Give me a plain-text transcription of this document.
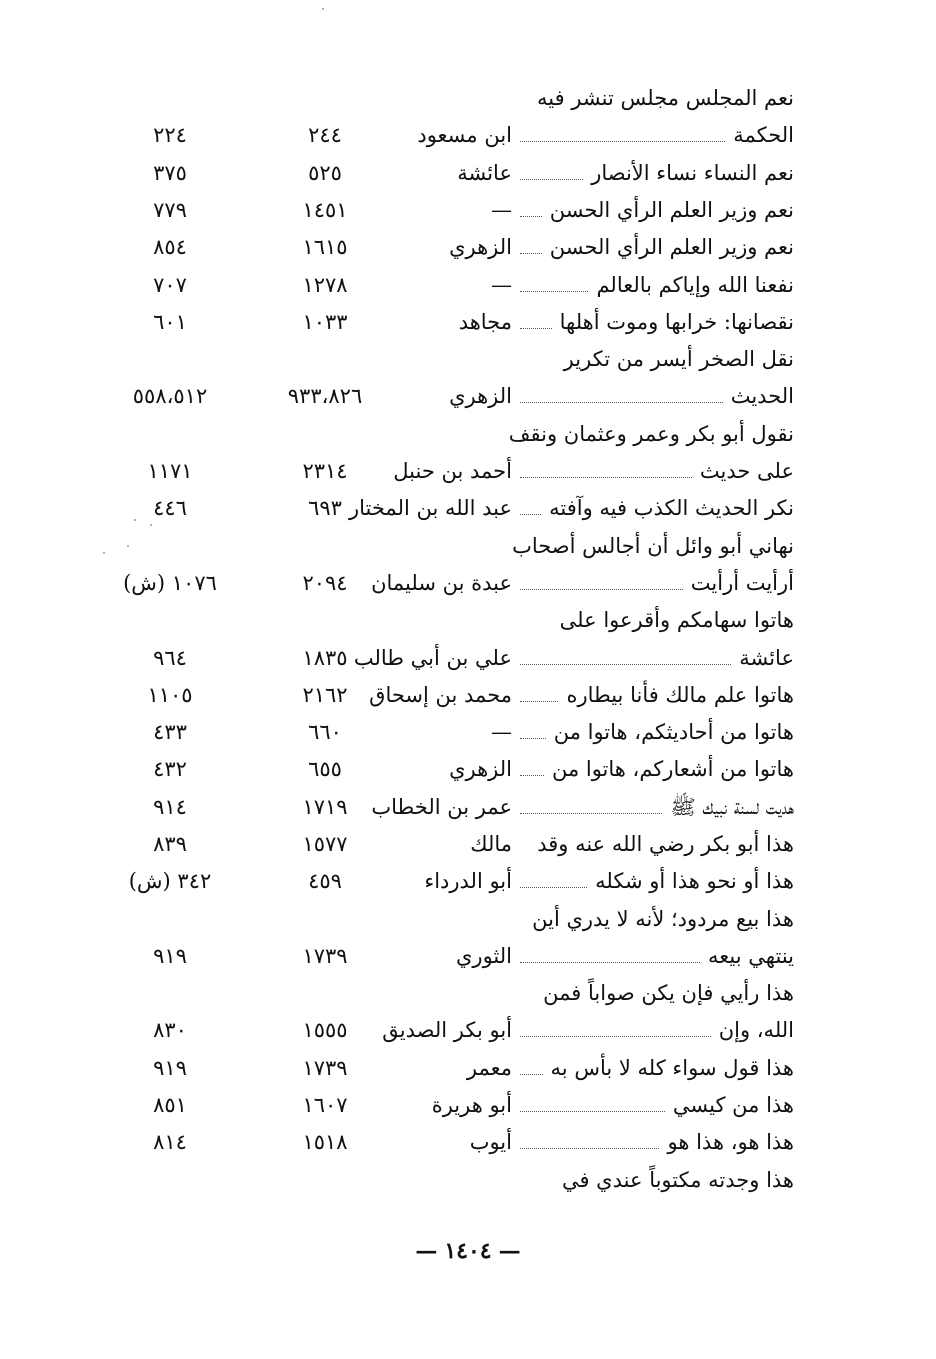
نعم المجلس مجلس تنشر فيه
الحكمة
ابن مسعود
٢٤٤
٢٢٤
نعم النساء نساء الأنصار
عائشة
٥٢٥
٣٧٥
نعم وزير العلم الرأي الحسن
—
١٤٥١
٧٧٩
نعم وزير العلم الرأي الحسن
الزهري
١٦١٥
٨٥٤
نفعنا الله وإياكم بالعالم
—
١٢٧٨
٧٠٧
نقصانها: خرابها وموت أهلها
مجاهد
١٠٣٣
٦٠١
نقل الصخر أيسر من تكرير
الحديث
الزهري
٩٣٣،٨٢٦
٥٥٨،٥١٢
نقول أبو بكر وعمر وعثمان ونقف
على حديث
أحمد بن حنبل
٢٣١٤
١١٧١
نكر الحديث الكذب فيه وآفته
عبد الله بن المختار
٦٩٣
٤٤٦
نهاني أبو وائل أن أجالس أصحاب
أرأيت أرأيت
عبدة بن سليمان
٢٠٩٤
١٠٧٦ (ش)
هاتوا سهامكم وأقرعوا على
عائشة
علي بن أبي طالب
١٨٣٥
٩٦٤
هاتوا علم مالك فأنا بيطاره
محمد بن إسحاق
٢١٦٢
١١٠٥
هاتوا من أحاديثكم، هاتوا من
—
٦٦٠
٤٣٣
هاتوا من أشعاركم، هاتوا من
الزهري
٦٥٥
٤٣٢
هديت لسنة نبيك ﷺ
عمر بن الخطاب
١٧١٩
٩١٤
هذا أبو بكر رضي الله عنه وقد
مالك
١٥٧٧
٨٣٩
هذا أو نحو هذا أو شكله
أبو الدرداء
٤٥٩
٣٤٢ (ش)
هذا بيع مردود؛ لأنه لا يدري أين
ينتهي بيعه
الثوري
١٧٣٩
٩١٩
هذا رأيي فإن يكن صواباً فمن
الله، وإن
أبو بكر الصديق
١٥٥٥
٨٣٠
هذا قول سواء كله لا بأس به
معمر
١٧٣٩
٩١٩
هذا من كيسي
أبو هريرة
١٦٠٧
٨٥١
هذا هو، هذا هو
أيوب
١٥١٨
٨١٤
هذا وجدته مكتوباً عندي في
— ١٤٠٤ —
